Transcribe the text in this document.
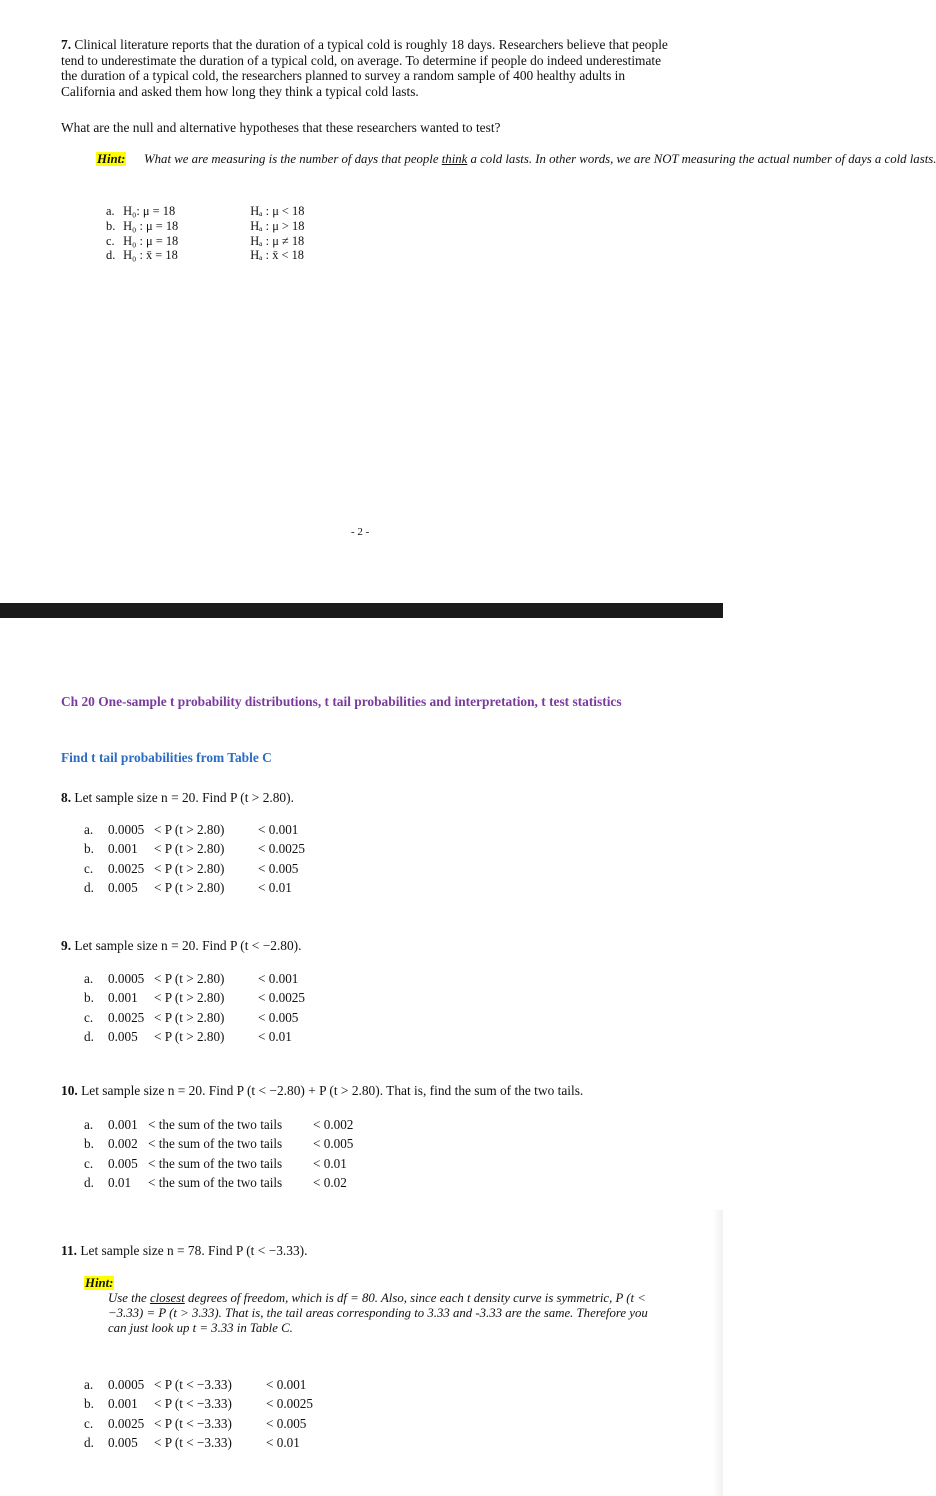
7. Clinical literature reports that the duration of a typical cold is roughly 18 days. Researchers believe that people tend to underestimate the duration of a typical cold, on average. To determine if people do indeed underestimate the duration of a typical cold, the researchers planned to survey a random sample of 400 healthy adults in California and asked them how long they think a typical cold lasts.
What are the null and alternative hypotheses that these researchers wanted to test?
Hint: What we are measuring is the number of days that people think a cold lasts. In other words, we are NOT measuring the actual number of days a cold lasts.
a. H₀: μ = 18	Hₐ : μ < 18
b. H₀ : μ = 18	Hₐ : μ > 18
c. H₀ : μ = 18	Hₐ : μ ≠ 18
d. H₀ : x̄ = 18	Hₐ : x̄ < 18
- 2 -
Ch 20 One-sample t probability distributions, t tail probabilities and interpretation, t test statistics
Find t tail probabilities from Table C
8. Let sample size n = 20. Find P (t > 2.80).
a. 0.0005 < P (t > 2.80)	< 0.001
b. 0.001 < P (t > 2.80)	< 0.0025
c. 0.0025 < P (t > 2.80)	< 0.005
d. 0.005 < P (t > 2.80)	< 0.01
9. Let sample size n = 20. Find P (t < −2.80).
a. 0.0005 < P (t > 2.80)	< 0.001
b. 0.001 < P (t > 2.80)	< 0.0025
c. 0.0025 < P (t > 2.80)	< 0.005
d. 0.005 < P (t > 2.80)	< 0.01
10. Let sample size n = 20. Find P (t < −2.80) + P (t > 2.80). That is, find the sum of the two tails.
a. 0.001 < the sum of the two tails < 0.002
b. 0.002 < the sum of the two tails < 0.005
c. 0.005 < the sum of the two tails < 0.01
d. 0.01 < the sum of the two tails < 0.02
11. Let sample size n = 78. Find P (t < −3.33).
Hint:
Use the closest degrees of freedom, which is df = 80. Also, since each t density curve is symmetric, P (t < −3.33) = P (t > 3.33). That is, the tail areas corresponding to 3.33 and -3.33 are the same. Therefore you can just look up t = 3.33 in Table C.
a. 0.0005 < P (t < −3.33)	< 0.001
b. 0.001 < P (t < −3.33)	< 0.0025
c. 0.0025 < P (t < −3.33)	< 0.005
d. 0.005 < P (t < −3.33)	< 0.01
